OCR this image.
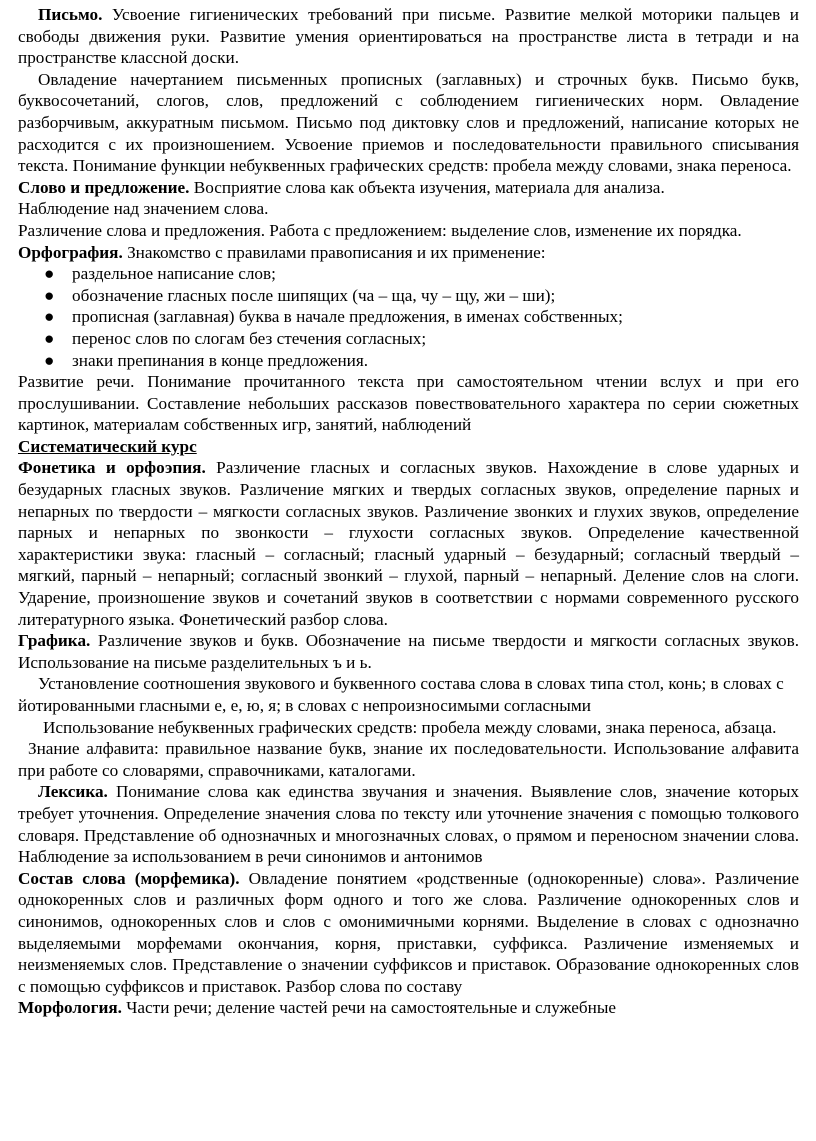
Письмо. Усвоение гигиенических требований при письме. Развитие мелкой моторики пальцев и свободы движения руки. Развитие умения ориентироваться на пространстве листа в тетради и на пространстве классной доски.

Овладение начертанием письменных прописных (заглавных) и строчных букв. Письмо букв, буквосочетаний, слогов, слов, предложений с соблюдением гигиенических норм. Овладение разборчивым, аккуратным письмом. Письмо под диктовку слов и предложений, написание которых не расходится с их произношением. Усвоение приемов и последовательности правильного списывания текста. Понимание функции небуквенных графических средств: пробела между словами, знака переноса.

Слово и предложение. Восприятие слова как объекта изучения, материала для анализа.
Наблюдение над значением слова.

Различение слова и предложения. Работа с предложением: выделение слов, изменение их порядка.

Орфография. Знакомство с правилами правописания и их применение:

● раздельное написание слов;
● обозначение гласных после шипящих (ча – ща, чу – щу, жи – ши);
● прописная (заглавная) буква в начале предложения, в именах собственных;
● перенос слов по слогам без стечения согласных;
● знаки препинания в конце предложения.

Развитие речи. Понимание прочитанного текста при самостоятельном чтении вслух и при его прослушивании. Составление небольших рассказов повествовательного характера по серии сюжетных картинок, материалам собственных игр, занятий, наблюдений

Систематический курс

Фонетика и орфоэпия. Различение гласных и согласных звуков. Нахождение в слове ударных и безударных гласных звуков. Различение мягких и твердых согласных звуков, определение парных и непарных по твердости – мягкости согласных звуков. Различение звонких и глухих звуков, определение парных и непарных по звонкости – глухости согласных звуков. Определение качественной характеристики звука: гласный – согласный; гласный ударный – безударный; согласный твердый – мягкий, парный – непарный; согласный звонкий – глухой, парный – непарный. Деление слов на слоги. Ударение, произношение звуков и сочетаний звуков в соответствии с нормами современного русского литературного языка. Фонетический разбор слова.

Графика. Различение звуков и букв. Обозначение на письме твердости и мягкости согласных звуков. Использование на письме разделительных ъ и ь.

Установление соотношения звукового и буквенного состава слова в словах типа стол, конь; в словах с йотированными гласными е, е, ю, я; в словах с непроизносимыми согласными

Использование небуквенных графических средств: пробела между словами, знака переноса, абзаца.

Знание алфавита: правильное название букв, знание их последовательности. Использование алфавита при работе со словарями, справочниками, каталогами.

Лексика. Понимание слова как единства звучания и значения. Выявление слов, значение которых требует уточнения. Определение значения слова по тексту или уточнение значения с помощью толкового словаря. Представление об однозначных и многозначных словах, о прямом и переносном значении слова. Наблюдение за использованием в речи синонимов и антонимов

Состав слова (морфемика). Овладение понятием «родственные (однокоренные) слова». Различение однокоренных слов и различных форм одного и того же слова. Различение однокоренных слов и синонимов, однокоренных слов и слов с омонимичными корнями. Выделение в словах с однозначно выделяемыми морфемами окончания, корня, приставки, суффикса. Различение изменяемых и неизменяемых слов. Представление о значении суффиксов и приставок. Образование однокоренных слов с помощью суффиксов и приставок. Разбор слова по составу

Морфология. Части речи; деление частей речи на самостоятельные и служебные
